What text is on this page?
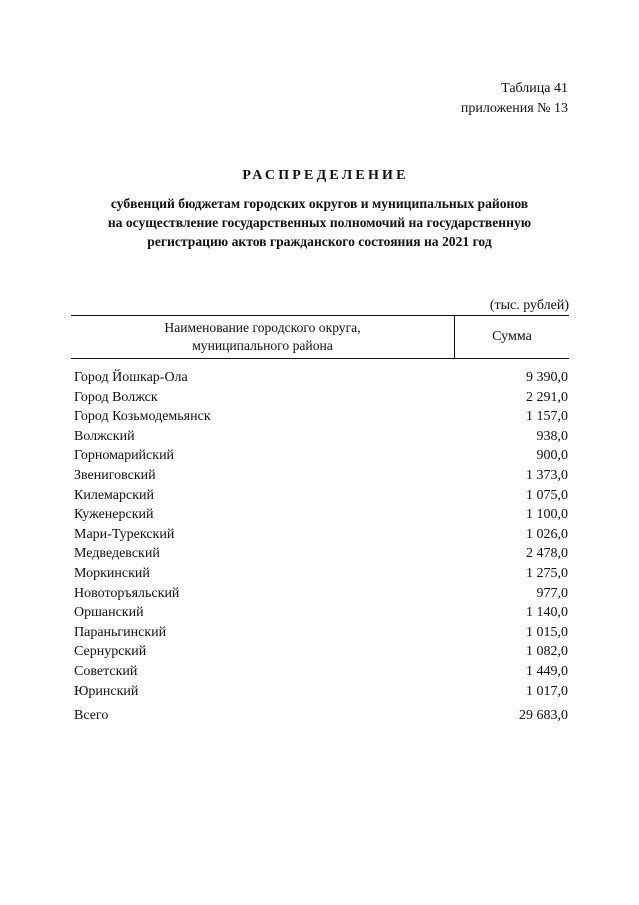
Таблица 41
приложения № 13
РАСПРЕДЕЛЕНИЕ
субвенций бюджетам городских округов и муниципальных районов
на осуществление государственных полномочий на государственную
регистрацию актов гражданского состояния на 2021 год
(тыс. рублей)
Наименование городского округа,
муниципального района
Сумма
Город Йошкар-Ола	9 390,0
Город Волжск	2 291,0
Город Козьмодемьянск	1 157,0
Волжский	938,0
Горномарийский	900,0
Звениговский	1 373,0
Килемарский	1 075,0
Куженерский	1 100,0
Мари-Турекский	1 026,0
Медведевский	2 478,0
Моркинский	1 275,0
Новоторъяльский	977,0
Оршанский	1 140,0
Параньгинский	1 015,0
Сернурский	1 082,0
Советский	1 449,0
Юринский	1 017,0
Всего	29 683,0
